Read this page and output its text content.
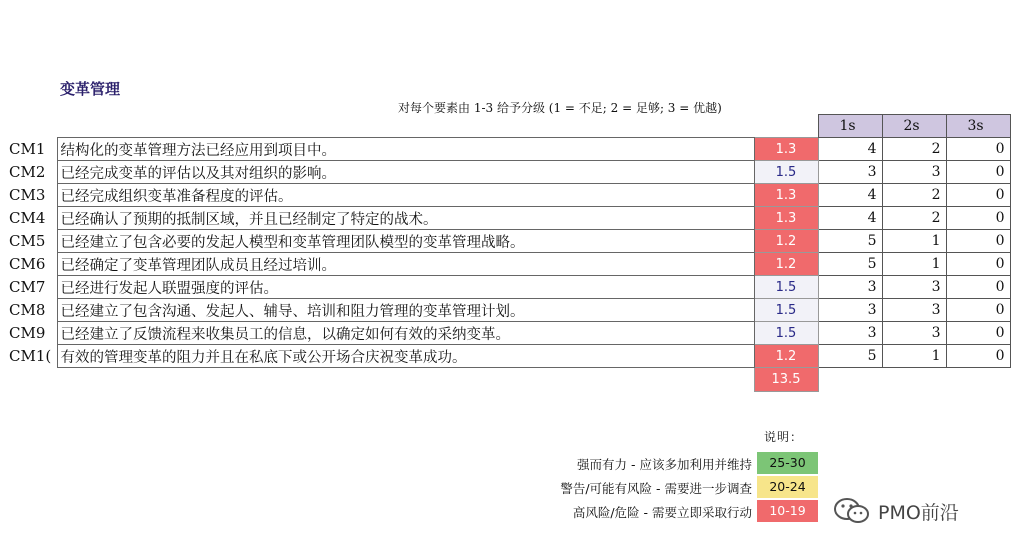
PCT 评估
领导/发起
PCT 评估
项目管理
PCT 评估
变革管理
变革管理
对每个要素由 1-3 给予分级 (1 = 不足; 2 = 足够; 3 = 优越)
			1s	2s	3s
CM1	结构化的变革管理方法已经应用到项目中。	1.3	4	2	0
CM2	已经完成变革的评估以及其对组织的影响。	1.5	3	3	0
CM3	已经完成组织变革准备程度的评估。	1.3	4	2	0
CM4	已经确认了预期的抵制区域，并且已经制定了特定的战术。	1.3	4	2	0
CM5	已经建立了包含必要的发起人模型和变革管理团队模型的变革管理战略。	1.2	5	1	0
CM6	已经确定了变革管理团队成员且经过培训。	1.2	5	1	0
CM7	已经进行发起人联盟强度的评估。	1.5	3	3	0
CM8	已经建立了包含沟通、发起人、辅导、培训和阻力管理的变革管理计划。	1.5	3	3	0
CM9	已经建立了反馈流程来收集员工的信息，以确定如何有效的采纳变革。	1.5	3	3	0
CM1(	有效的管理变革的阻力并且在私底下或公开场合庆祝变革成功。	1.2	5	1	0
		13.5			
说明：
强而有力 - 应该多加利用并维持	25-30
警告/可能有风险 - 需要进一步调查	20-24
高风险/危险 - 需要立即采取行动	10-19	PMO前沿
